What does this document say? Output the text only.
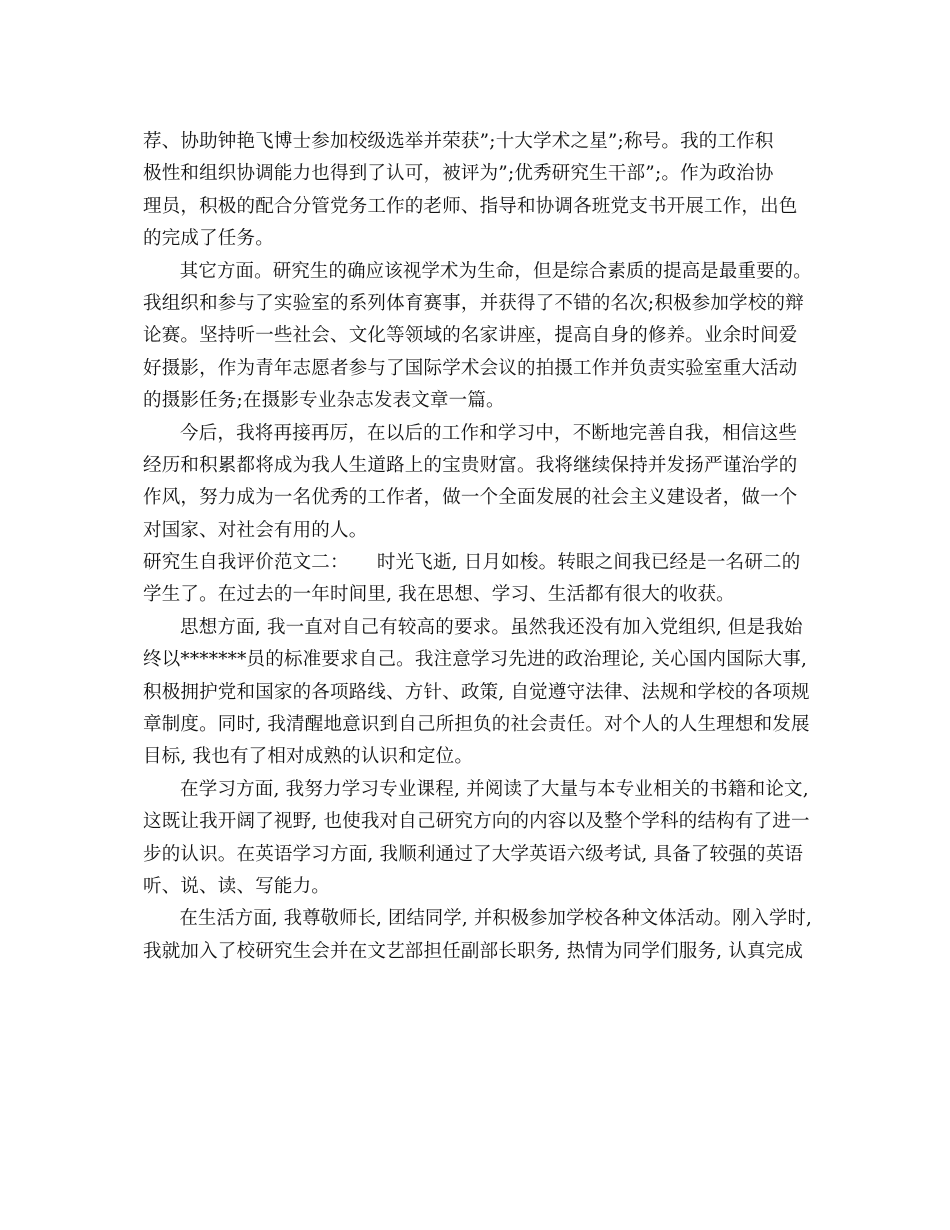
荐、协助钟艳飞博士参加校级选举并荣获”;十大学术之星”;称号。我的工作积
极性和组织协调能力也得到了认可，被评为”;优秀研究生干部”;。作为政治协
理员，积极的配合分管党务工作的老师、指导和协调各班党支书开展工作，出色
的完成了任务。
其它方面。研究生的确应该视学术为生命，但是综合素质的提高是最重要的。
我组织和参与了实验室的系列体育赛事，并获得了不错的名次;积极参加学校的辩
论赛。坚持听一些社会、文化等领域的名家讲座，提高自身的修养。业余时间爱
好摄影，作为青年志愿者参与了国际学术会议的拍摄工作并负责实验室重大活动
的摄影任务;在摄影专业杂志发表文章一篇。
今后，我将再接再厉，在以后的工作和学习中，不断地完善自我，相信这些
经历和积累都将成为我人生道路上的宝贵财富。我将继续保持并发扬严谨治学的
作风，努力成为一名优秀的工作者，做一个全面发展的社会主义建设者，做一个
对国家、对社会有用的人。
研究生自我评价范文二：　　时光飞逝, 日月如梭。转眼之间我已经是一名研二的
学生了。在过去的一年时间里, 我在思想、学习、生活都有很大的收获。
思想方面, 我一直对自己有较高的要求。虽然我还没有加入党组织, 但是我始
终以*******员的标准要求自己。我注意学习先进的政治理论, 关心国内国际大事,
积极拥护党和国家的各项路线、方针、政策, 自觉遵守法律、法规和学校的各项规
章制度。同时, 我清醒地意识到自己所担负的社会责任。对个人的人生理想和发展
目标, 我也有了相对成熟的认识和定位。
在学习方面, 我努力学习专业课程, 并阅读了大量与本专业相关的书籍和论文,
这既让我开阔了视野, 也使我对自己研究方向的内容以及整个学科的结构有了进一
步的认识。在英语学习方面, 我顺利通过了大学英语六级考试, 具备了较强的英语
听、说、读、写能力。
在生活方面, 我尊敬师长, 团结同学, 并积极参加学校各种文体活动。刚入学时,
我就加入了校研究生会并在文艺部担任副部长职务, 热情为同学们服务, 认真完成
